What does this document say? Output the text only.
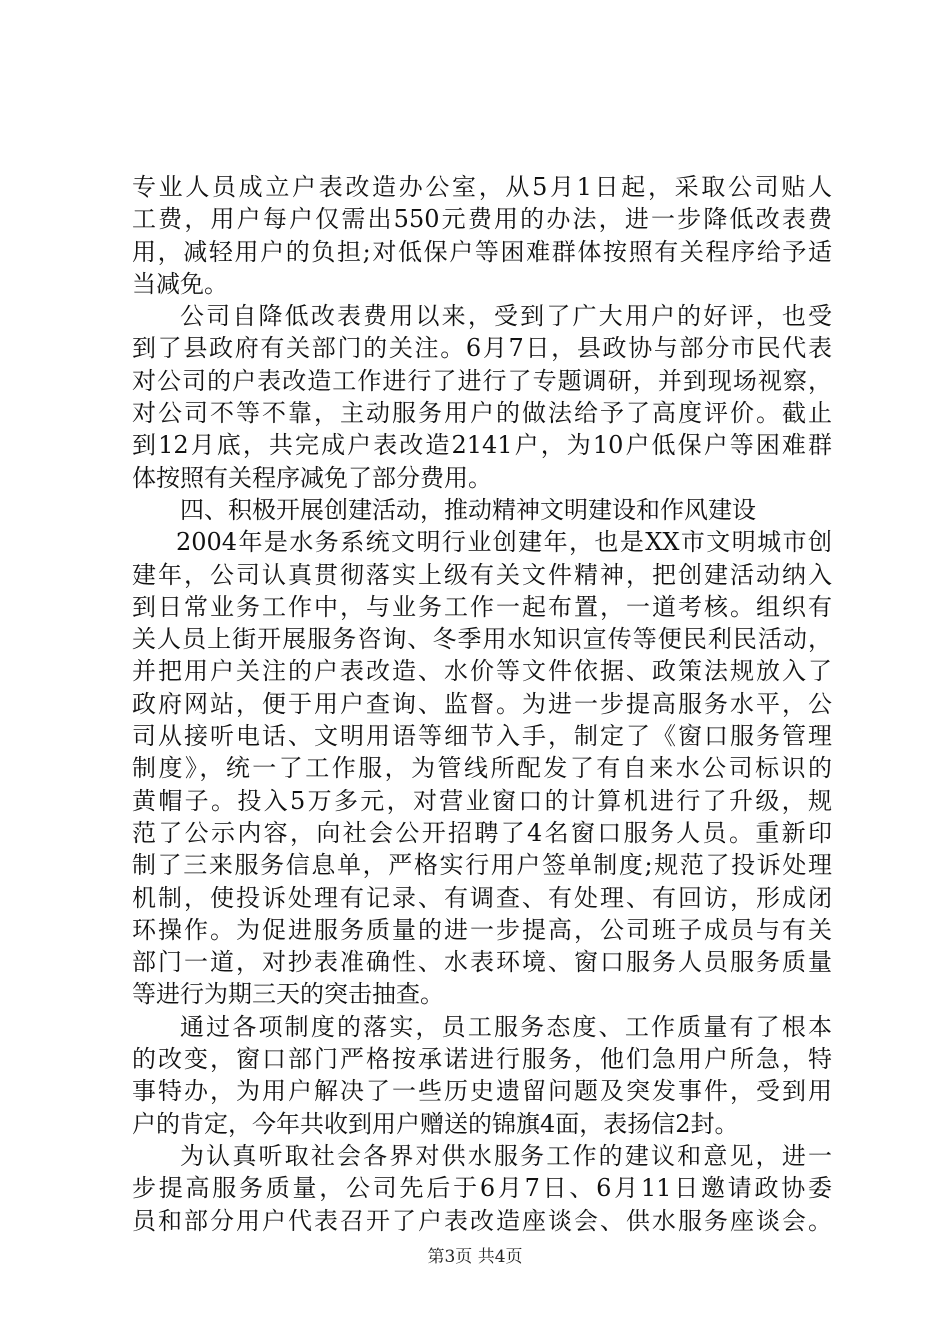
专业人员成立户表改造办公室，从5月1日起，采取公司贴人
工费，用户每户仅需出550元费用的办法，进一步降低改表费
用，减轻用户的负担;对低保户等困难群体按照有关程序给予适
当减免。
公司自降低改表费用以来，受到了广大用户的好评，也受
到了县政府有关部门的关注。6月7日，县政协与部分市民代表
对公司的户表改造工作进行了进行了专题调研，并到现场视察，
对公司不等不靠，主动服务用户的做法给予了高度评价。截止
到12月底，共完成户表改造2141户，为10户低保户等困难群
体按照有关程序减免了部分费用。
四、积极开展创建活动，推动精神文明建设和作风建设
2004年是水务系统文明行业创建年，也是XX市文明城市创
建年，公司认真贯彻落实上级有关文件精神，把创建活动纳入
到日常业务工作中，与业务工作一起布置，一道考核。组织有
关人员上街开展服务咨询、冬季用水知识宣传等便民利民活动，
并把用户关注的户表改造、水价等文件依据、政策法规放入了
政府网站，便于用户查询、监督。为进一步提高服务水平，公
司从接听电话、文明用语等细节入手，制定了《窗口服务管理
制度》，统一了工作服，为管线所配发了有自来水公司标识的
黄帽子。投入5万多元，对营业窗口的计算机进行了升级，规
范了公示内容，向社会公开招聘了4名窗口服务人员。重新印
制了三来服务信息单，严格实行用户签单制度;规范了投诉处理
机制，使投诉处理有记录、有调查、有处理、有回访，形成闭
环操作。为促进服务质量的进一步提高，公司班子成员与有关
部门一道，对抄表准确性、水表环境、窗口服务人员服务质量
等进行为期三天的突击抽查。
通过各项制度的落实，员工服务态度、工作质量有了根本
的改变，窗口部门严格按承诺进行服务，他们急用户所急，特
事特办，为用户解决了一些历史遗留问题及突发事件，受到用
户的肯定，今年共收到用户赠送的锦旗4面，表扬信2封。
为认真听取社会各界对供水服务工作的建议和意见，进一
步提高服务质量，公司先后于6月7日、6月11日邀请政协委
员和部分用户代表召开了户表改造座谈会、供水服务座谈会。
第3页 共4页
